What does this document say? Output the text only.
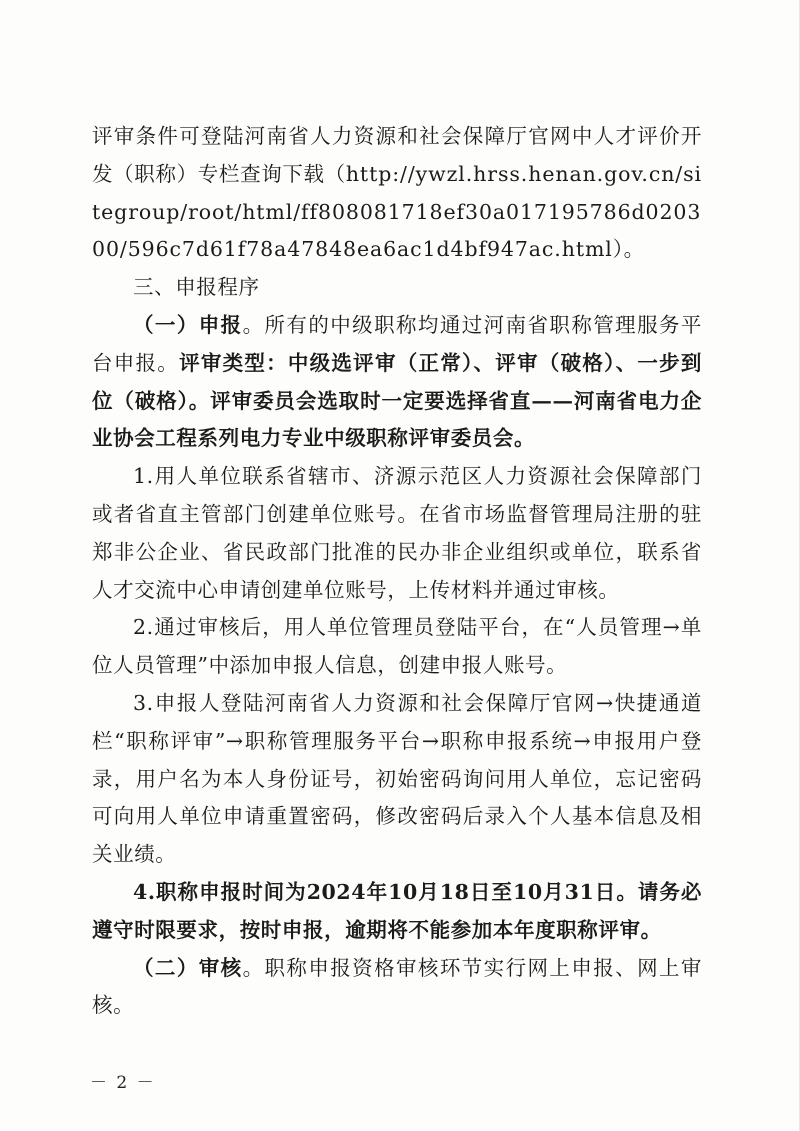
评审条件可登陆河南省人力资源和社会保障厅官网中人才评价开发（职称）专栏查询下载（http://ywzl.hrss.henan.gov.cn/sitegroup/root/html/ff808081718ef30a017195786d020300/596c7d61f78a47848ea6ac1d4bf947ac.html）。

三、申报程序

（一）申报。所有的中级职称均通过河南省职称管理服务平台申报。评审类型：中级选评审（正常）、评审（破格）、一步到位（破格）。评审委员会选取时一定要选择省直——河南省电力企业协会工程系列电力专业中级职称评审委员会。

1.用人单位联系省辖市、济源示范区人力资源社会保障部门或者省直主管部门创建单位账号。在省市场监督管理局注册的驻郑非公企业、省民政部门批准的民办非企业组织或单位，联系省人才交流中心申请创建单位账号，上传材料并通过审核。

2.通过审核后，用人单位管理员登陆平台，在“人员管理→单位人员管理”中添加申报人信息，创建申报人账号。

3.申报人登陆河南省人力资源和社会保障厅官网→快捷通道栏“职称评审”→职称管理服务平台→职称申报系统→申报用户登录，用户名为本人身份证号，初始密码询问用人单位，忘记密码可向用人单位申请重置密码，修改密码后录入个人基本信息及相关业绩。

4.职称申报时间为2024年10月18日至10月31日。请务必遵守时限要求，按时申报，逾期将不能参加本年度职称评审。

（二）审核。职称申报资格审核环节实行网上申报、网上审核。

－ 2 －
